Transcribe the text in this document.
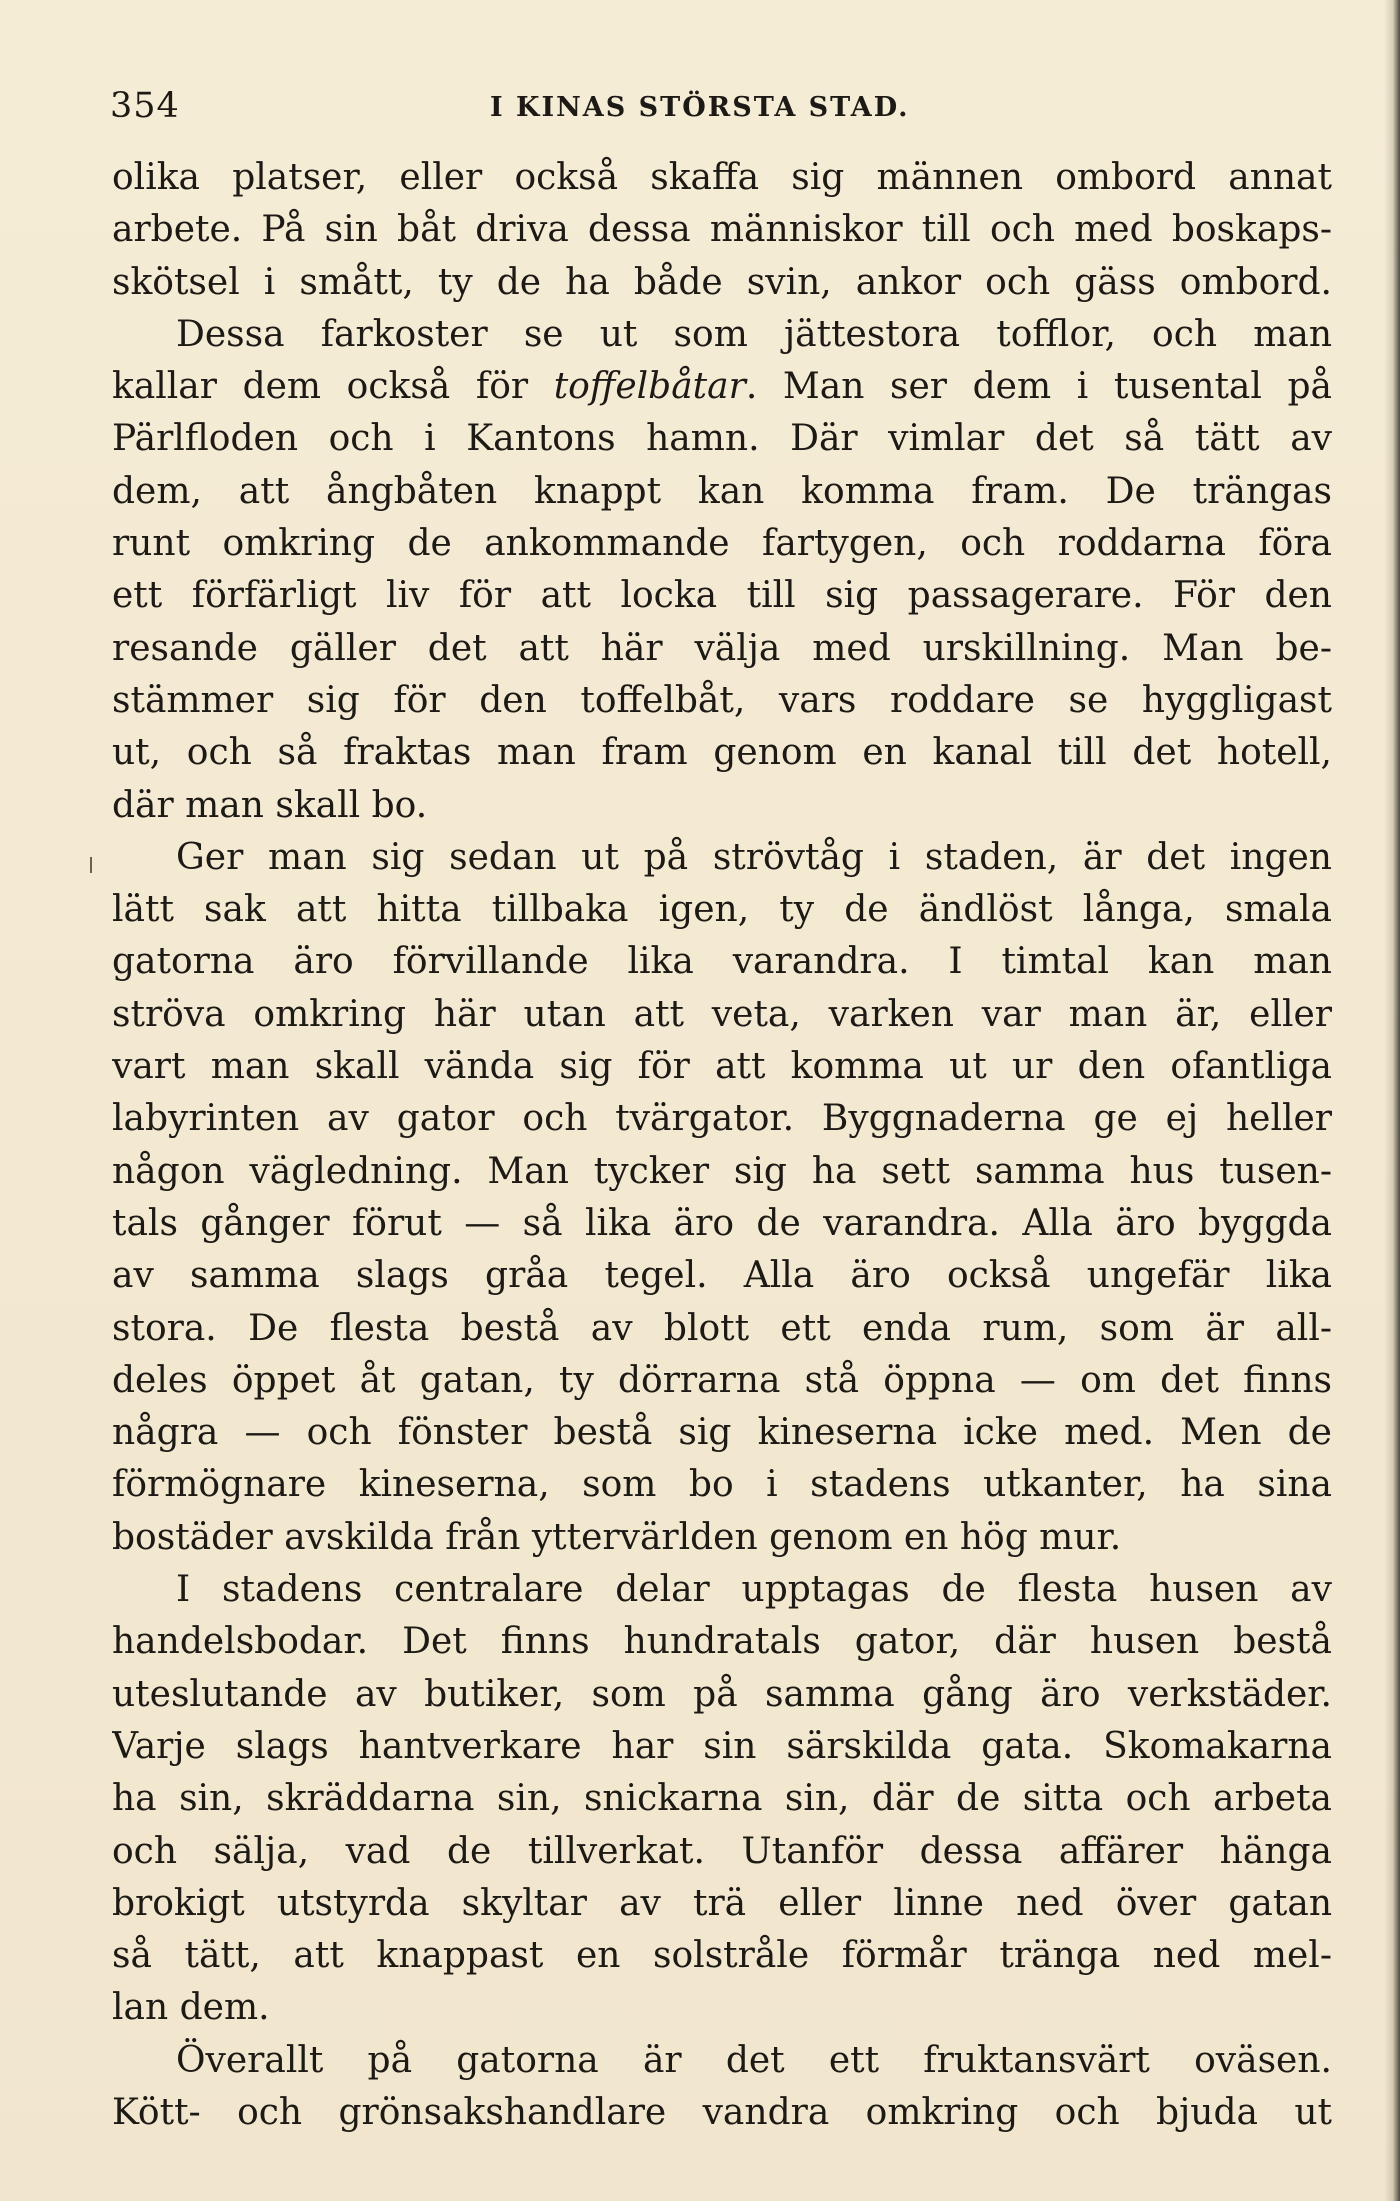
354	I KINAS STÖRSTA STAD.
olika platser, eller också skaffa sig männen ombord annat
arbete. På sin båt driva dessa människor till och med boskaps-
skötsel i smått, ty de ha både svin, ankor och gäss ombord.
Dessa farkoster se ut som jättestora tofflor, och man
kallar dem också för toffelbåtar. Man ser dem i tusental på
Pärlfloden och i Kantons hamn. Där vimlar det så tätt av
dem, att ångbåten knappt kan komma fram. De trängas
runt omkring de ankommande fartygen, och roddarna föra
ett förfärligt liv för att locka till sig passagerare. För den
resande gäller det att här välja med urskillning. Man be-
stämmer sig för den toffelbåt, vars roddare se hyggligast
ut, och så fraktas man fram genom en kanal till det hotell,
där man skall bo.
Ger man sig sedan ut på strövtåg i staden, är det ingen
lätt sak att hitta tillbaka igen, ty de ändlöst långa, smala
gatorna äro förvillande lika varandra. I timtal kan man
ströva omkring här utan att veta, varken var man är, eller
vart man skall vända sig för att komma ut ur den ofantliga
labyrinten av gator och tvärgator. Byggnaderna ge ej heller
någon vägledning. Man tycker sig ha sett samma hus tusen-
tals gånger förut — så lika äro de varandra. Alla äro byggda
av samma slags gråa tegel. Alla äro också ungefär lika
stora. De flesta bestå av blott ett enda rum, som är all-
deles öppet åt gatan, ty dörrarna stå öppna — om det finns
några — och fönster bestå sig kineserna icke med. Men de
förmögnare kineserna, som bo i stadens utkanter, ha sina
bostäder avskilda från yttervärlden genom en hög mur.
I stadens centralare delar upptagas de flesta husen av
handelsbodar. Det finns hundratals gator, där husen bestå
uteslutande av butiker, som på samma gång äro verkstäder.
Varje slags hantverkare har sin särskilda gata. Skomakarna
ha sin, skräddarna sin, snickarna sin, där de sitta och arbeta
och sälja, vad de tillverkat. Utanför dessa affärer hänga
brokigt utstyrda skyltar av trä eller linne ned över gatan
så tätt, att knappast en solstråle förmår tränga ned mel-
lan dem.
Överallt på gatorna är det ett fruktansvärt oväsen.
Kött- och grönsakshandlare vandra omkring och bjuda ut
